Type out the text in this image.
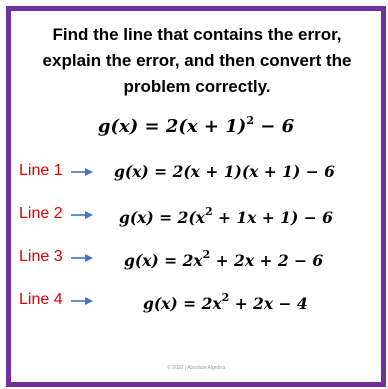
Find the line that contains the error, explain the error, and then convert the problem correctly.
$g(x) = 2(x + 1)^2 - 6$
Line 1	g(x) = 2(x + 1)(x + 1) − 6
Line 2	$g(x) = 2(x^2 + 1x + 1) - 6$
Line 3	$g(x) = 2x^2 + 2x + 2 - 6$
Line 4	$g(x) = 2x^2 + 2x - 4$
© 2020 | Absolute Algebra
